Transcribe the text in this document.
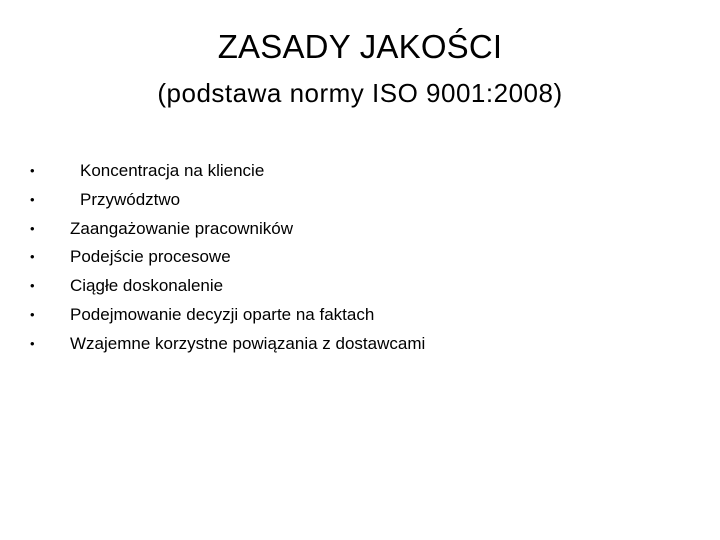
ZASADY JAKOŚCI
(podstawa normy ISO 9001:2008)
•	Koncentracja na kliencie
•	Przywództwo
•	Zaangażowanie pracowników
•	Podejście procesowe
•	Ciągłe doskonalenie
•	Podejmowanie decyzji oparte na faktach
•	Wzajemne korzystne powiązania z dostawcami
